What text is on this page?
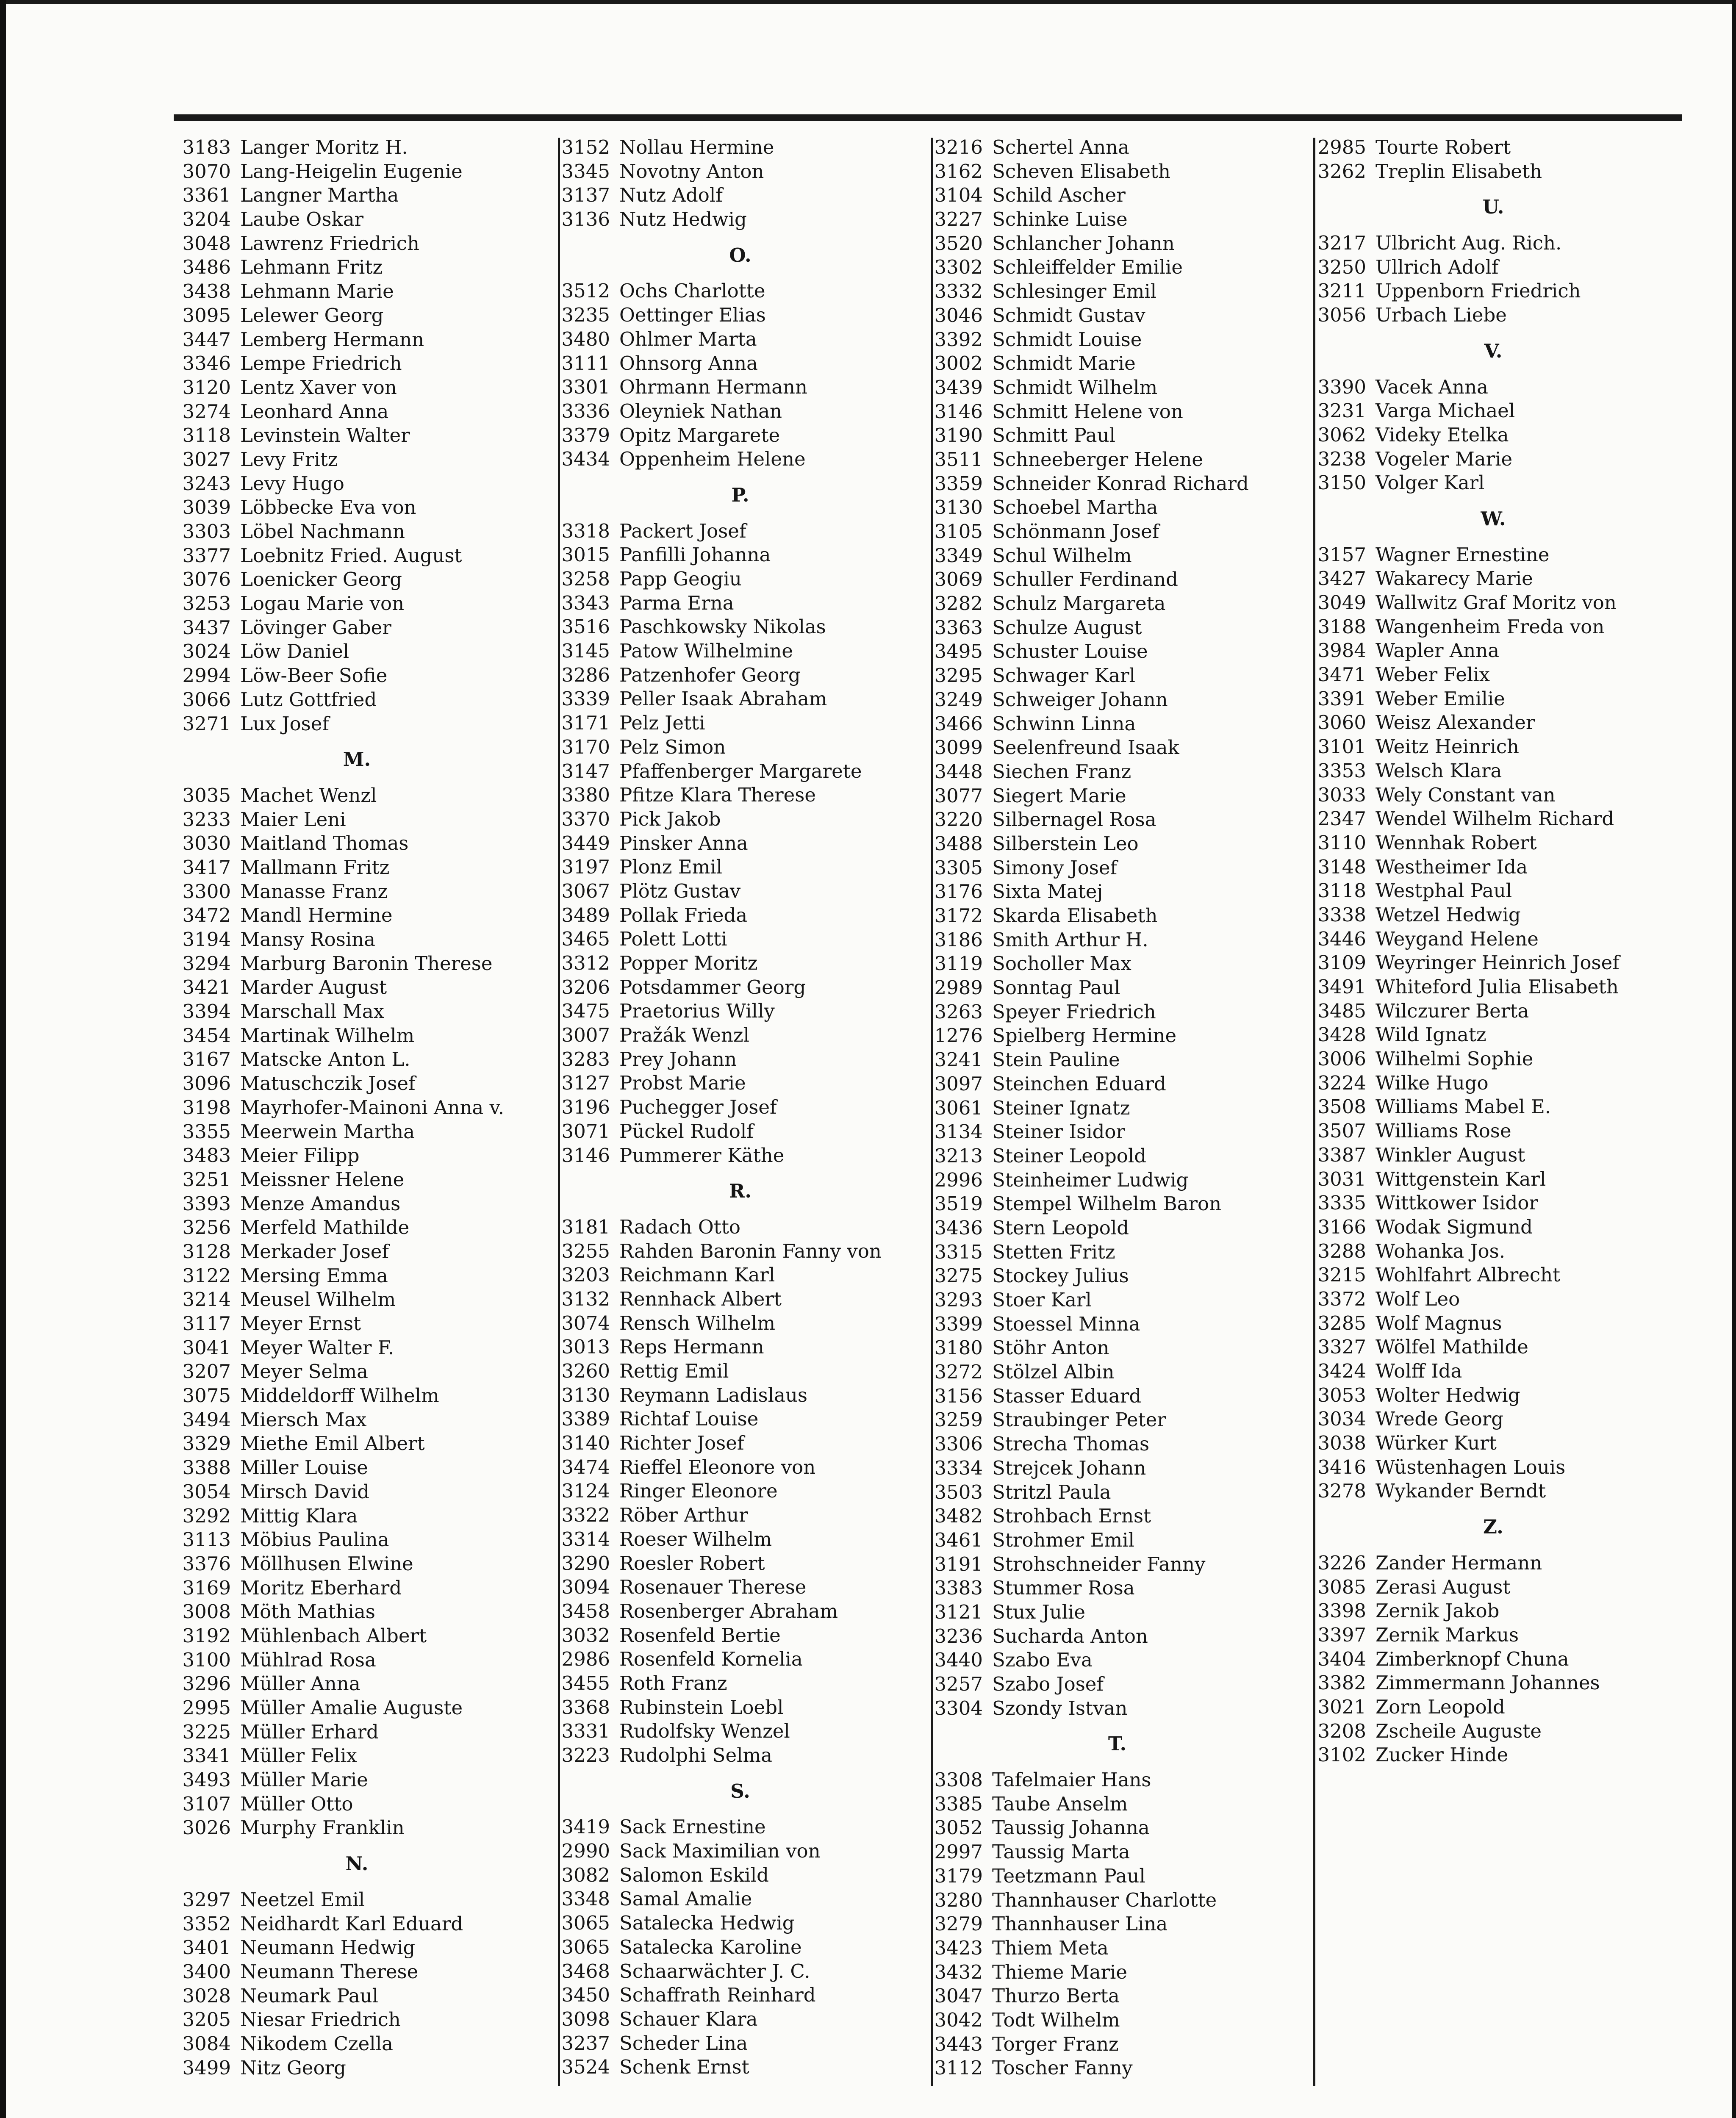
3183 Langer Moritz H.
3070 Lang-Heigelin Eugenie
3361 Langner Martha
3204 Laube Oskar
3048 Lawrenz Friedrich
3486 Lehmann Fritz
3438 Lehmann Marie
3095 Lelewer Georg
3447 Lemberg Hermann
3346 Lempe Friedrich
3120 Lentz Xaver von
3274 Leonhard Anna
3118 Levinstein Walter
3027 Levy Fritz
3243 Levy Hugo
3039 Löbbecke Eva von
3303 Löbel Nachmann
3377 Loebnitz Fried. August
3076 Loenicker Georg
3253 Logau Marie von
3437 Lövinger Gaber
3024 Löw Daniel
2994 Löw-Beer Sofie
3066 Lutz Gottfried
3271 Lux Josef
M.
3035 Machet Wenzl
3233 Maier Leni
3030 Maitland Thomas
3417 Mallmann Fritz
3300 Manasse Franz
3472 Mandl Hermine
3194 Mansy Rosina
3294 Marburg Baronin Therese
3421 Marder August
3394 Marschall Max
3454 Martinak Wilhelm
3167 Matscke Anton L.
3096 Matuschczik Josef
3198 Mayrhofer-Mainoni Anna v.
3355 Meerwein Martha
3483 Meier Filipp
3251 Meissner Helene
3393 Menze Amandus
3256 Merfeld Mathilde
3128 Merkader Josef
3122 Mersing Emma
3214 Meusel Wilhelm
3117 Meyer Ernst
3041 Meyer Walter F.
3207 Meyer Selma
3075 Middeldorff Wilhelm
3494 Miersch Max
3329 Miethe Emil Albert
3388 Miller Louise
3054 Mirsch David
3292 Mittig Klara
3113 Möbius Paulina
3376 Möllhusen Elwine
3169 Moritz Eberhard
3008 Möth Mathias
3192 Mühlenbach Albert
3100 Mühlrad Rosa
3296 Müller Anna
2995 Müller Amalie Auguste
3225 Müller Erhard
3341 Müller Felix
3493 Müller Marie
3107 Müller Otto
3026 Murphy Franklin
N.
3297 Neetzel Emil
3352 Neidhardt Karl Eduard
3401 Neumann Hedwig
3400 Neumann Therese
3028 Neumark Paul
3205 Niesar Friedrich
3084 Nikodem Czella
3499 Nitz Georg
3152 Nollau Hermine
3345 Novotny Anton
3137 Nutz Adolf
3136 Nutz Hedwig
O.
3512 Ochs Charlotte
3235 Oettinger Elias
3480 Ohlmer Marta
3111 Ohnsorg Anna
3301 Ohrmann Hermann
3336 Oleyniek Nathan
3379 Opitz Margarete
3434 Oppenheim Helene
P.
3318 Packert Josef
3015 Panfilli Johanna
3258 Papp Geogiu
3343 Parma Erna
3516 Paschkowsky Nikolas
3145 Patow Wilhelmine
3286 Patzenhofer Georg
3339 Peller Isaak Abraham
3171 Pelz Jetti
3170 Pelz Simon
3147 Pfaffenberger Margarete
3380 Pfitze Klara Therese
3370 Pick Jakob
3449 Pinsker Anna
3197 Plonz Emil
3067 Plötz Gustav
3489 Pollak Frieda
3465 Polett Lotti
3312 Popper Moritz
3206 Potsdammer Georg
3475 Praetorius Willy
3007 Pražák Wenzl
3283 Prey Johann
3127 Probst Marie
3196 Puchegger Josef
3071 Pückel Rudolf
3146 Pummerer Käthe
R.
3181 Radach Otto
3255 Rahden Baronin Fanny von
3203 Reichmann Karl
3132 Rennhack Albert
3074 Rensch Wilhelm
3013 Reps Hermann
3260 Rettig Emil
3130 Reymann Ladislaus
3389 Richtaf Louise
3140 Richter Josef
3474 Rieffel Eleonore von
3124 Ringer Eleonore
3322 Röber Arthur
3314 Roeser Wilhelm
3290 Roesler Robert
3094 Rosenauer Therese
3458 Rosenberger Abraham
3032 Rosenfeld Bertie
2986 Rosenfeld Kornelia
3455 Roth Franz
3368 Rubinstein Loebl
3331 Rudolfsky Wenzel
3223 Rudolphi Selma
S.
3419 Sack Ernestine
2990 Sack Maximilian von
3082 Salomon Eskild
3348 Samal Amalie
3065 Satalecka Hedwig
3065 Satalecka Karoline
3468 Schaarwächter J. C.
3450 Schaffrath Reinhard
3098 Schauer Klara
3237 Scheder Lina
3524 Schenk Ernst
3216 Schertel Anna
3162 Scheven Elisabeth
3104 Schild Ascher
3227 Schinke Luise
3520 Schlancher Johann
3302 Schleiffelder Emilie
3332 Schlesinger Emil
3046 Schmidt Gustav
3392 Schmidt Louise
3002 Schmidt Marie
3439 Schmidt Wilhelm
3146 Schmitt Helene von
3190 Schmitt Paul
3511 Schneeberger Helene
3359 Schneider Konrad Richard
3130 Schoebel Martha
3105 Schönmann Josef
3349 Schul Wilhelm
3069 Schuller Ferdinand
3282 Schulz Margareta
3363 Schulze August
3495 Schuster Louise
3295 Schwager Karl
3249 Schweiger Johann
3466 Schwinn Linna
3099 Seelenfreund Isaak
3448 Siechen Franz
3077 Siegert Marie
3220 Silbernagel Rosa
3488 Silberstein Leo
3305 Simony Josef
3176 Sixta Matej
3172 Skarda Elisabeth
3186 Smith Arthur H.
3119 Socholler Max
2989 Sonntag Paul
3263 Speyer Friedrich
1276 Spielberg Hermine
3241 Stein Pauline
3097 Steinchen Eduard
3061 Steiner Ignatz
3134 Steiner Isidor
3213 Steiner Leopold
2996 Steinheimer Ludwig
3519 Stempel Wilhelm Baron
3436 Stern Leopold
3315 Stetten Fritz
3275 Stockey Julius
3293 Stoer Karl
3399 Stoessel Minna
3180 Stöhr Anton
3272 Stölzel Albin
3156 Stasser Eduard
3259 Straubinger Peter
3306 Strecha Thomas
3334 Strejcek Johann
3503 Stritzl Paula
3482 Strohbach Ernst
3461 Strohmer Emil
3191 Strohschneider Fanny
3383 Stummer Rosa
3121 Stux Julie
3236 Sucharda Anton
3440 Szabo Eva
3257 Szabo Josef
3304 Szondy Istvan
T.
3308 Tafelmaier Hans
3385 Taube Anselm
3052 Taussig Johanna
2997 Taussig Marta
3179 Teetzmann Paul
3280 Thannhauser Charlotte
3279 Thannhauser Lina
3423 Thiem Meta
3432 Thieme Marie
3047 Thurzo Berta
3042 Todt Wilhelm
3443 Torger Franz
3112 Toscher Fanny
2985 Tourte Robert
3262 Treplin Elisabeth
U.
3217 Ulbricht Aug. Rich.
3250 Ullrich Adolf
3211 Uppenborn Friedrich
3056 Urbach Liebe
V.
3390 Vacek Anna
3231 Varga Michael
3062 Videky Etelka
3238 Vogeler Marie
3150 Volger Karl
W.
3157 Wagner Ernestine
3427 Wakarecy Marie
3049 Wallwitz Graf Moritz von
3188 Wangenheim Freda von
3984 Wapler Anna
3471 Weber Felix
3391 Weber Emilie
3060 Weisz Alexander
3101 Weitz Heinrich
3353 Welsch Klara
3033 Wely Constant van
2347 Wendel Wilhelm Richard
3110 Wennhak Robert
3148 Westheimer Ida
3118 Westphal Paul
3338 Wetzel Hedwig
3446 Weygand Helene
3109 Weyringer Heinrich Josef
3491 Whiteford Julia Elisabeth
3485 Wilczurer Berta
3428 Wild Ignatz
3006 Wilhelmi Sophie
3224 Wilke Hugo
3508 Williams Mabel E.
3507 Williams Rose
3387 Winkler August
3031 Wittgenstein Karl
3335 Wittkower Isidor
3166 Wodak Sigmund
3288 Wohanka Jos.
3215 Wohlfahrt Albrecht
3372 Wolf Leo
3285 Wolf Magnus
3327 Wölfel Mathilde
3424 Wolff Ida
3053 Wolter Hedwig
3034 Wrede Georg
3038 Würker Kurt
3416 Wüstenhagen Louis
3278 Wykander Berndt
Z.
3226 Zander Hermann
3085 Zerasi August
3398 Zernik Jakob
3397 Zernik Markus
3404 Zimberknopf Chuna
3382 Zimmermann Johannes
3021 Zorn Leopold
3208 Zscheile Auguste
3102 Zucker Hinde
